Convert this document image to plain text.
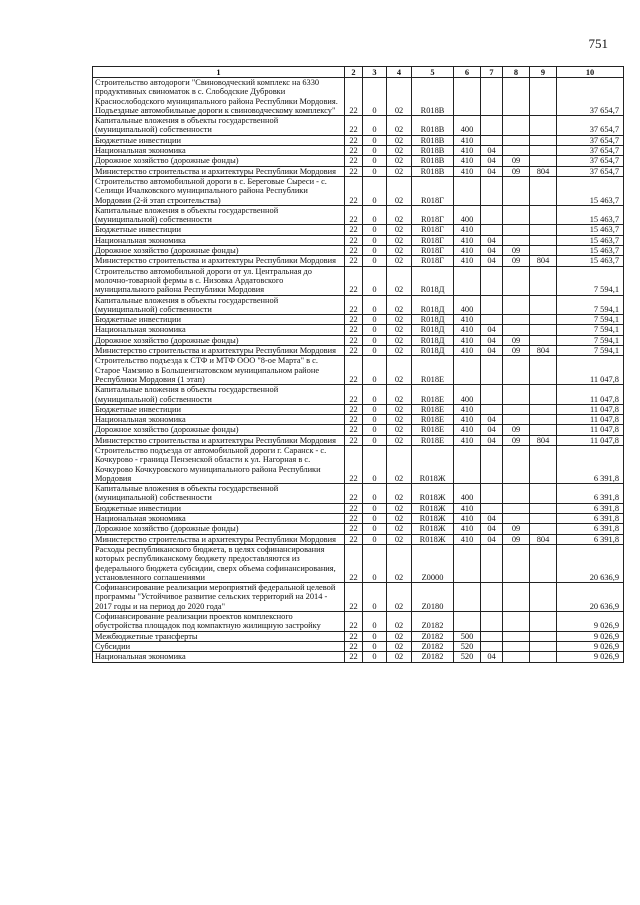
751
1	2	3	4	5	6	7	8	9	10
Строительство автодороги "Свиноводческий комплекс на 6330 продуктивных свиноматок в с. Слободские Дубровки Краснослободского муниципального района Республики Мордовия. Подъездные автомобильные дороги к свиноводческому комплексу"	22	0	02	R018В					37 654,7
Капитальные вложения в объекты государственной (муниципальной) собственности	22	0	02	R018В	400				37 654,7
Бюджетные инвестиции	22	0	02	R018В	410				37 654,7
Национальная экономика	22	0	02	R018В	410	04			37 654,7
Дорожное хозяйство (дорожные фонды)	22	0	02	R018В	410	04	09		37 654,7
Министерство строительства и архитектуры Республики Мордовия	22	0	02	R018В	410	04	09	804	37 654,7
Строительство автомобильной дороги в с. Береговые Сыреси - с. Селищи Ичалковского муниципального района Республики Мордовия (2-й этап строительства)	22	0	02	R018Г					15 463,7
Капитальные вложения в объекты государственной (муниципальной) собственности	22	0	02	R018Г	400				15 463,7
Бюджетные инвестиции	22	0	02	R018Г	410				15 463,7
Национальная экономика	22	0	02	R018Г	410	04			15 463,7
Дорожное хозяйство (дорожные фонды)	22	0	02	R018Г	410	04	09		15 463,7
Министерство строительства и архитектуры Республики Мордовия	22	0	02	R018Г	410	04	09	804	15 463,7
Строительство автомобильной дороги от ул. Центральная до молочно-товарной фермы в с. Низовка Ардатовского муниципального района Республики Мордовия	22	0	02	R018Д					7 594,1
Капитальные вложения в объекты государственной (муниципальной) собственности	22	0	02	R018Д	400				7 594,1
Бюджетные инвестиции	22	0	02	R018Д	410				7 594,1
Национальная экономика	22	0	02	R018Д	410	04			7 594,1
Дорожное хозяйство (дорожные фонды)	22	0	02	R018Д	410	04	09		7 594,1
Министерство строительства и архитектуры Республики Мордовия	22	0	02	R018Д	410	04	09	804	7 594,1
Строительство подъезда к СТФ и МТФ ООО "8-ое Марта" в с. Старое Чамзино в Большеигнатовском муниципальном районе Республики Мордовия (1 этап)	22	0	02	R018Е					11 047,8
Капитальные вложения в объекты государственной (муниципальной) собственности	22	0	02	R018Е	400				11 047,8
Бюджетные инвестиции	22	0	02	R018Е	410				11 047,8
Национальная экономика	22	0	02	R018Е	410	04			11 047,8
Дорожное хозяйство (дорожные фонды)	22	0	02	R018Е	410	04	09		11 047,8
Министерство строительства и архитектуры Республики Мордовия	22	0	02	R018Е	410	04	09	804	11 047,8
Строительство подъезда от автомобильной дороги г. Саранск - с. Кочкурово - граница Пензенской области к ул. Нагорная в с. Кочкурово Кочкуровского муниципального района Республики Мордовия	22	0	02	R018Ж					6 391,8
Капитальные вложения в объекты государственной (муниципальной) собственности	22	0	02	R018Ж	400				6 391,8
Бюджетные инвестиции	22	0	02	R018Ж	410				6 391,8
Национальная экономика	22	0	02	R018Ж	410	04			6 391,8
Дорожное хозяйство (дорожные фонды)	22	0	02	R018Ж	410	04	09		6 391,8
Министерство строительства и архитектуры Республики Мордовия	22	0	02	R018Ж	410	04	09	804	6 391,8
Расходы республиканского бюджета, в целях софинансирования которых республиканскому бюджету предоставляются из федерального бюджета субсидии, сверх объема софинансирования, установленного соглашениями	22	0	02	Z0000					20 636,9
Софинансирование реализации мероприятий федеральной целевой программы "Устойчивое развитие сельских территорий на 2014 - 2017 годы и на период до 2020 года"	22	0	02	Z0180					20 636,9
Софинансирование реализации проектов комплексного обустройства площадок под компактную жилищную застройку	22	0	02	Z0182					9 026,9
Межбюджетные трансферты	22	0	02	Z0182	500				9 026,9
Субсидии	22	0	02	Z0182	520				9 026,9
Национальная экономика	22	0	02	Z0182	520	04			9 026,9
